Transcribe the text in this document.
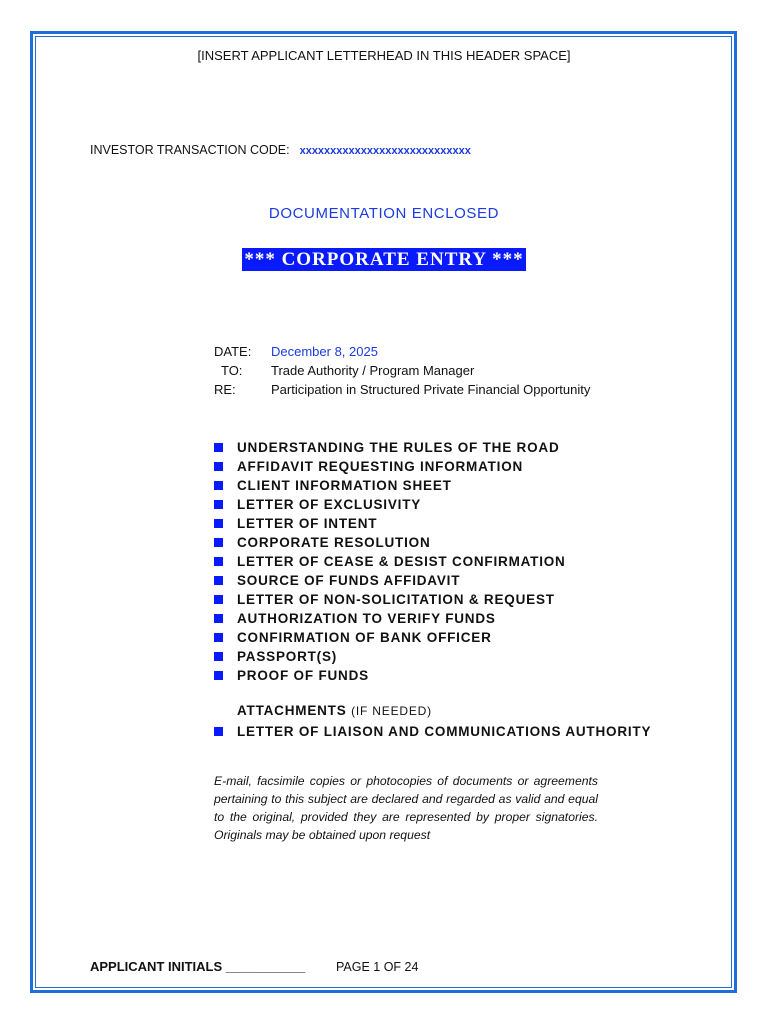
[INSERT APPLICANT LETTERHEAD IN THIS HEADER SPACE]
INVESTOR TRANSACTION CODE: xxxxxxxxxxxxxxxxxxxxxxxxxxxx
DOCUMENTATION ENCLOSED
*** CORPORATE ENTRY ***
DATE:	December 8, 2025
TO:	Trade Authority / Program Manager
RE:	Participation in Structured Private Financial Opportunity
UNDERSTANDING THE RULES OF THE ROAD
AFFIDAVIT REQUESTING INFORMATION
CLIENT INFORMATION SHEET
LETTER OF EXCLUSIVITY
LETTER OF INTENT
CORPORATE RESOLUTION
LETTER OF CEASE & DESIST CONFIRMATION
SOURCE OF FUNDS AFFIDAVIT
LETTER OF NON-SOLICITATION & REQUEST
AUTHORIZATION TO VERIFY FUNDS
CONFIRMATION OF BANK OFFICER
PASSPORT(S)
PROOF OF FUNDS
ATTACHMENTS (IF NEEDED)
LETTER OF LIAISON AND COMMUNICATIONS AUTHORITY
E-mail, facsimile copies or photocopies of documents or agreements pertaining to this subject are declared and regarded as valid and equal to the original, provided they are represented by proper signatories. Originals may be obtained upon request
APPLICANT INITIALS ___________ PAGE 1 OF 24
